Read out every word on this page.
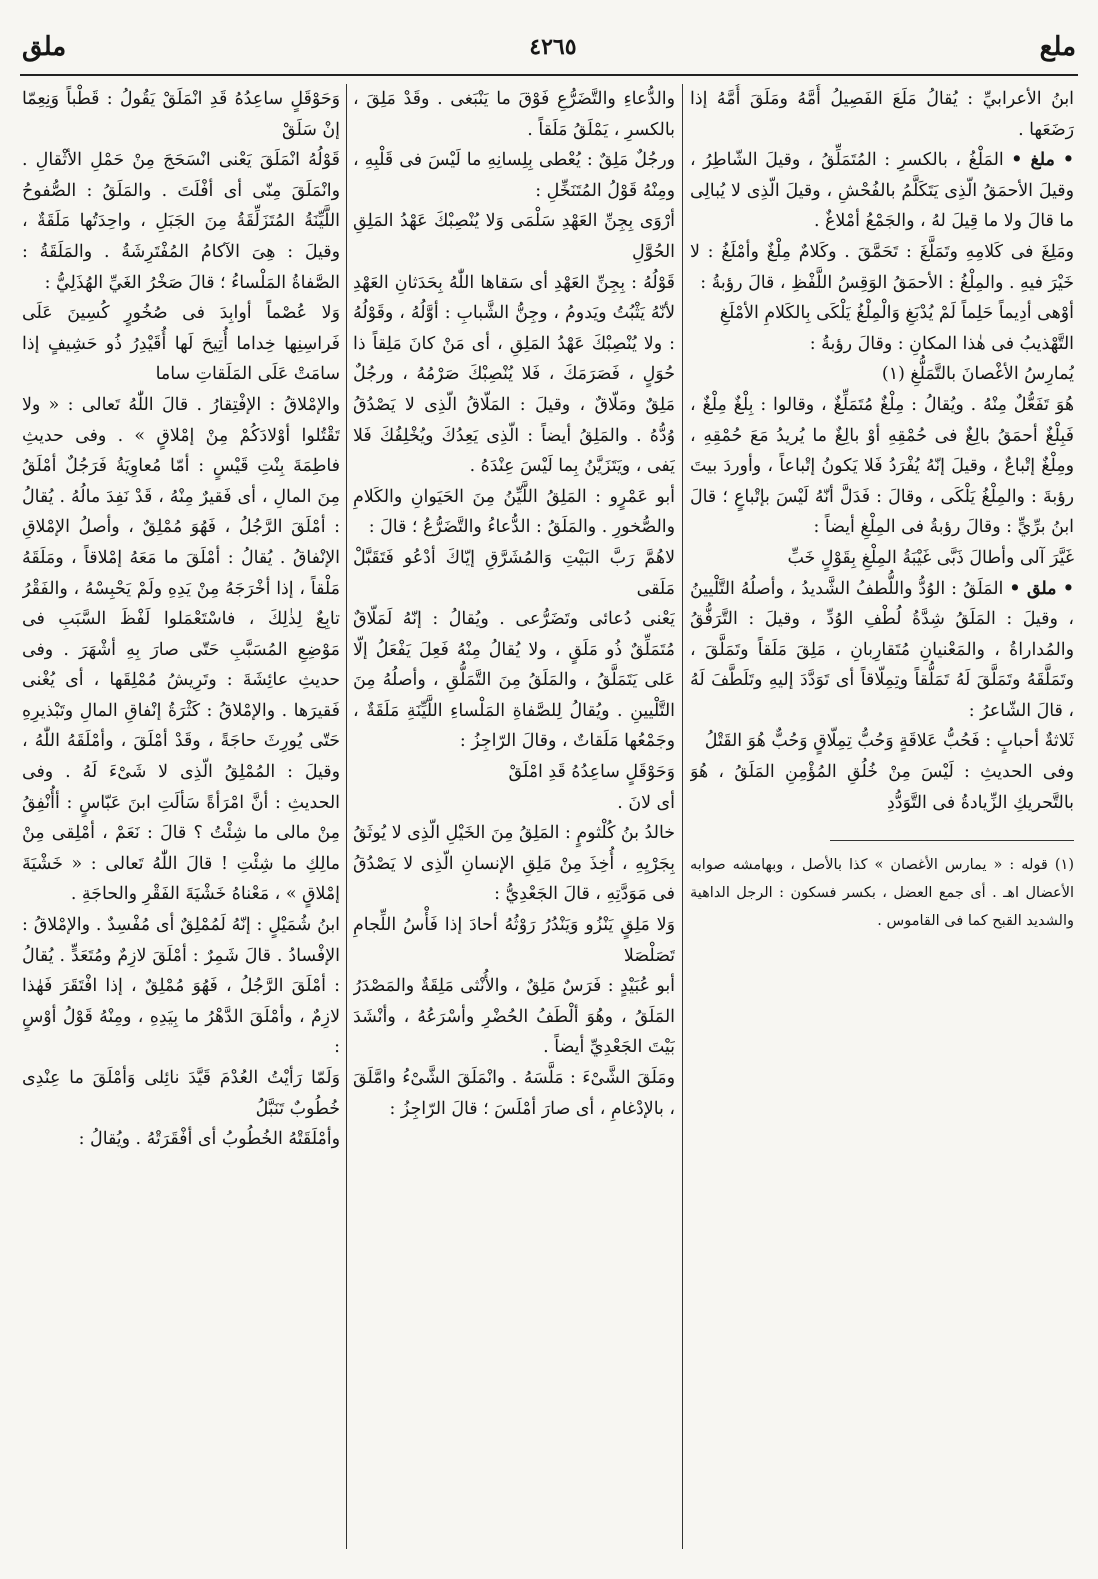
ملع
٤٢٦٥
ملق

ابنُ الأعرابيِّ : يُقالُ مَلَعَ الفَصِيلُ أُمَّهُ ومَلَقَ أُمَّهُ إذا رَضَعَها .

• ملغ • المَلْغُ ، بالكسرِ : المُتَمَلِّقُ ، وقيلَ الشّاطِرُ ، وقيلَ الأحمَقُ الّذِى يَتَكَلَّمُ بالفُحْشِ ، وقيلَ الّذِى لا يُبالِى ما قالَ ولا ما قِيلَ لهُ ، والجَمْعُ أمْلاغٌ .

ومَلِغَ فى كَلامِهِ وتَمَلَّغَ : تَحَمَّقَ . وكَلامٌ مِلْغٌ وأمْلَغُ : لا خَيْرَ فيهِ . والمِلْغُ : الأحمَقُ الوَقِسُ اللَّفْظِ ، قالَ رؤبةُ :

أوْهى أدِيماً حَلِماً لَمْ يُدْبَغِ وَالْمِلْغُ يَلْكَى بِالكَلامِ الأمْلَغِ

التَّهْذيبُ فى هٰذا المكانِ : وقالَ رؤبةُ :

يُمارِسُ الأغْصانَ بالتَّمَلُّغِ (١)

هُوَ تَفَعُّلٌ مِنْهُ . ويُقالُ : مِلْغٌ مُتَمَلِّغٌ ، وقالوا : بِلْغٌ مِلْغٌ ، فَبِلْغٌ أحمَقُ بالِغٌ فى حُمْقِهِ أوْ بالِغٌ ما يُريدُ مَعَ حُمْقِهِ ، ومِلْغٌ إتْباعٌ ، وقيلَ إنّهُ يُفْرَدُ فَلا يَكونُ إتْباعاً ، وأوردَ بيتَ رؤبةَ : والمِلْغُ يَلْكَى ، وقالَ : فَدَلَّ أنّهُ لَيْسَ بإتْباعٍ ؛ قالَ ابنُ برِّيٍّ : وقالَ رؤبةُ فى المِلْغِ أيضاً :

غَيَّرَ آلى وأطالَ ذَبَّى غَيْبَةُ المِلْغِ بِقَوْلٍ خَبِّ

• ملق • المَلَقُ : الوُدُّ واللُّطفُ الشَّديدُ ، وأصلُهُ التَّلْيينُ ، وقيلَ : المَلَقُ شِدَّةُ لُطْفِ الوُدِّ ، وقيلَ : التَّرَفُّقُ والمُداراةُ ، والمَعْنيانِ مُتَقارِبانِ ، مَلِقَ مَلَقاً وتَمَلَّقَ ، وتَمَلَّقَهُ وتَمَلَّقَ لَهُ تَمَلُّقاً وتِمِلّاقاً أى تَوَدَّدَ إليهِ وتَلَطَّفَ لَهُ ، قالَ الشّاعرُ :

ثَلاثةٌ أحبابٍ : فَحُبُّ عَلاقَةٍ وَحُبُّ تِمِلّاقٍ وَحُبٌّ هُوَ القَتْلُ

وفى الحديثِ : لَيْسَ مِنْ خُلُقِ المُؤْمِنِ المَلَقُ ، هُوَ بالتَّحريكِ الزِّيادةُ فى التَّوَدُّدِ

(١) قوله : « يمارس الأغصان » كذا بالأصل ، وبهامشه صوابه الأعضال اهـ . أى جمع العضل ، بكسر فسكون : الرجل الداهية والشديد القبح كما فى القاموس .

والدُّعاءِ والتَّضَرُّعِ فَوْقَ ما يَنْبَغى . وقَدْ مَلِقَ ، بالكسرِ ، يَمْلَقُ مَلَقاً .

ورجُلٌ مَلِقٌ : يُعْطى بِلِسانِهِ ما لَيْسَ فى قَلْبِهِ ، ومِنْهُ قَوْلُ المُتَنَخِّلِ :

أرْوَى بِجِنِّ العَهْدِ سَلْمَى وَلا يُنْصِبْكَ عَهْدُ المَلِقِ الحُوَّلِ

قَوْلُهُ : بِجِنِّ العَهْدِ أى سَقاها اللّٰهُ بِحَدَثانِ العَهْدِ لأنّهُ يَثْبُتُ ويَدومُ ، وجِنُّ الشَّبابِ : أوَّلُهُ ، وقَوْلُهُ : ولا يُنْصِبْكَ عَهْدُ المَلِقِ ، أى مَنْ كانَ مَلِقاً ذا حُوَلٍ ، فَصَرَمَكَ ، فَلا يُنْصِبْكَ صَرْمُهُ ، ورجُلٌ مَلِقٌ ومَلّاقٌ ، وقيلَ : المَلّاقُ الّذِى لا يَصْدُقُ وُدُّهُ . والمَلِقُ أيضاً : الّذِى يَعِدُكَ ويُخْلِفُكَ فَلا يَفى ، ويَتَزَيَّنُ بِما لَيْسَ عِنْدَهُ .

أبو عَمْرٍو : المَلِقُ اللَّيِّنُ مِنَ الحَيَوانِ والكَلامِ والصُّخورِ . والمَلَقُ : الدُّعاءُ والتَّضَرُّعُ ؛ قالَ :

لاهُمَّ رَبَّ البَيْتِ وَالمُشَرَّقِ إيّاكَ أدْعُو فَتَقَبَّلْ مَلَقى

يَعْنى دُعائى وتَضَرُّعى . ويُقالُ : إنّهُ لَمَلّاقٌ مُتَمَلِّقٌ ذُو مَلَقٍ ، ولا يُقالُ مِنْهُ فَعِلَ يَفْعَلُ إلّا عَلى يَتَمَلَّقُ ، والمَلَقُ مِنَ التَّمَلُّقِ ، وأصلُهُ مِنَ التَّلْيينِ . ويُقالُ لِلصَّفاةِ المَلْساءِ اللَّيِّنَةِ مَلَقَةٌ ، وجَمْعُها مَلَقاتٌ ، وقالَ الرّاجِزُ :

وَحَوْقَلٍ ساعِدُهُ قَدِ امْلَقْ

أى لانَ .

خالدُ بنُ كُلْثومٍ : المَلِقُ مِنَ الخَيْلِ الّذِى لا يُوثَقُ بِجَرْيِهِ ، أُخِذَ مِنْ مَلِقِ الإنسانِ الّذِى لا يَصْدُقُ فى مَوَدَّتِهِ ، قالَ الجَعْدِيُّ :

وَلا مَلِقٍ يَنْزُو وَيَنْدُرُ رَوْثُهُ أحادَ إذا فَأْسُ اللِّجامِ تَصَلْصَلا

أبو عُبَيْدٍ : فَرَسٌ مَلِقٌ ، والأُنْثى مَلِقَةٌ والمَصْدَرُ المَلَقُ ، وهُوَ ألْطَفُ الحُضْرِ وأسْرَعُهُ ، وأنْشَدَ بَيْتَ الجَعْدِيِّ أيضاً .

ومَلَقَ الشَّىْءَ : مَلَّسَهُ . وانْمَلَقَ الشَّىْءُ وامَّلَقَ ، بالإدْغامِ ، أى صارَ أمْلَسَ ؛ قالَ الرّاجِزُ :

وَحَوْقَلٍ ساعِدُهُ قَدِ انْمَلَقْ يَقُولُ : قَطْباً وَنِعِمّا إنْ سَلَقْ

قَوْلُهُ انْمَلَقَ يَعْنى انْسَحَجَ مِنْ حَمْلِ الأثْقالِ . وانْمَلَقَ مِنّى أى أفْلَتَ . والمَلَقُ : الصُّفوحُ اللَّيِّنَةُ المُتَزَلِّقَةُ مِنَ الجَبَلِ ، واحِدَتُها مَلَقَةٌ ، وقيلَ : هِىَ الآكامُ المُفْتَرِشَةُ . والمَلَقَةُ : الصَّفاةُ المَلْساءُ ؛ قالَ صَخْرُ الغَيِّ الهُذَلِيُّ :

وَلا عُصْماً أوابِدَ فى صُخُورٍ كُسِينَ عَلَى فَراسِنِها خِداما أُتِيحَ لَها أُقَيْدِرُ ذُو حَشِيفٍ إذا سامَتْ عَلَى المَلَقاتِ ساما

والإمْلاقُ : الإفْتِقارُ . قالَ اللّٰهُ تَعالى : « ولا تَقْتُلوا أوْلادَكُمْ مِنْ إمْلاقٍ » . وفى حديثِ فاطِمَةَ بِنْتِ قَيْسٍ : أمّا مُعاوِيَةُ فَرَجُلٌ أمْلَقُ مِنَ المالِ ، أى فَقيرٌ مِنْهُ ، قَدْ نَفِدَ مالُهُ . يُقالُ : أمْلَقَ الرَّجُلُ ، فَهُوَ مُمْلِقٌ ، وأصلُ الإمْلاقِ الإنْفاقُ . يُقالُ : أمْلَقَ ما مَعَهُ إمْلاقاً ، ومَلَقَهُ مَلْقاً ، إذا أخْرَجَهُ مِنْ يَدِهِ ولَمْ يَحْبِسْهُ ، والفَقْرُ تابِعٌ لِذٰلِكَ ، فاسْتَعْمَلوا لَفْظَ السَّبَبِ فى مَوْضِعِ المُسَبَّبِ حَتّى صارَ بِهِ أشْهَرَ . وفى حديثِ عائِشَةَ : وتَرِيشُ مُمْلِقَها ، أى يُغْنى فَقيرَها . والإمْلاقُ : كَثْرَةُ إنْفاقِ المالِ وتَبْذيرِهِ حَتّى يُورِثَ حاجَةً ، وقَدْ أمْلَقَ ، وأمْلَقَهُ اللّٰهُ ، وقيلَ : المُمْلِقُ الّذِى لا شَىْءَ لَهُ . وفى الحديثِ : أنَّ امْرَأةً سَألَتِ ابنَ عَبّاسٍ : أأُنْفِقُ مِنْ مالى ما شِئْتُ ؟ قالَ : نَعَمْ ، أمْلِقى مِنْ مالِكِ ما شِئْتِ ! قالَ اللّٰهُ تَعالى : « خَشْيَةَ إمْلاقٍ » ، مَعْناهُ خَشْيَةَ الفَقْرِ والحاجَةِ .

ابنُ شُمَيْلٍ : إنّهُ لَمُمْلِقٌ أى مُفْسِدٌ . والإمْلاقُ : الإفْسادُ . قالَ شَمِرٌ : أمْلَقَ لازِمٌ ومُتَعَدٍّ . يُقالُ : أمْلَقَ الرَّجُلُ ، فَهُوَ مُمْلِقٌ ، إذا افْتَقَرَ فَهٰذا لازِمٌ ، وأمْلَقَ الدَّهْرُ ما بِيَدِهِ ، ومِنْهُ قَوْلُ أوْسٍ :

وَلَمّا رَأيْتُ العُدْمَ قَيَّدَ نائِلى وَأمْلَقَ ما عِنْدِى خُطُوبٌ تَنَبَّلُ

وأمْلَقَتْهُ الخُطُوبُ أى أفْقَرَتْهُ . ويُقالُ :
